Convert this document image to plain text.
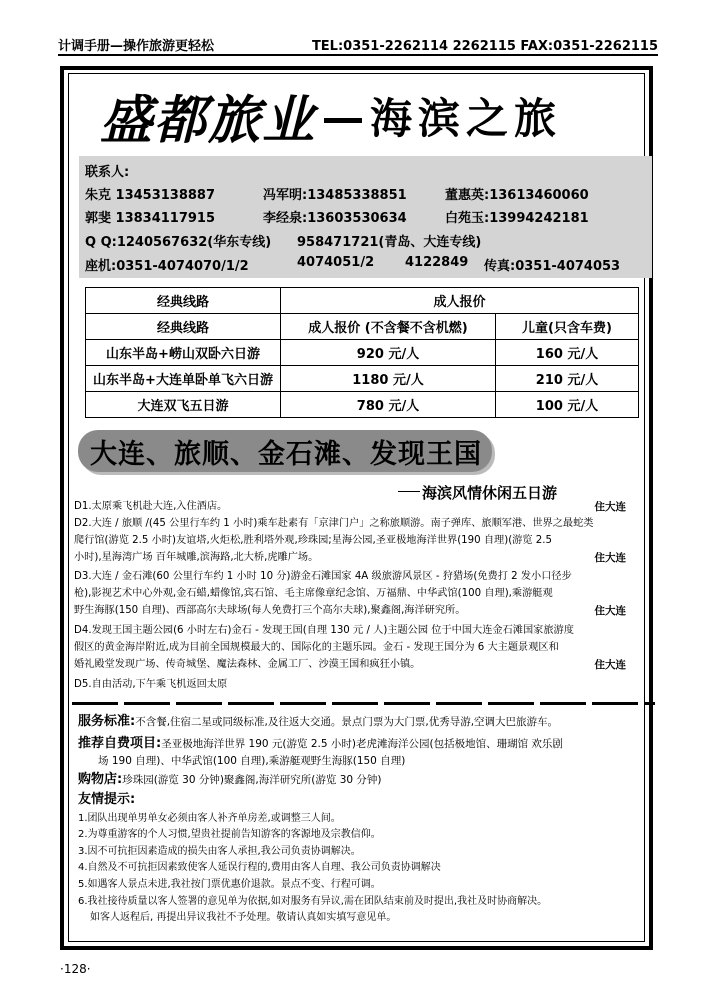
计调手册—操作旅游更轻松	TEL:0351-2262114 2262115 FAX:0351-2262115
盛都旅业 海滨之旅
联系人:
朱克 13453138887	冯军明:13485338851	董惠英:13613460060
郭斐 13834117915	李经泉:13603530634	白苑玉:13994242181
Q Q:1240567632(华东专线) 958471721(青岛、大连专线)
座机:0351-4074070/1/2	4074051/2 4122849 传真:0351-4074053
经典线路	成人报价	
经典线路	成人报价 (不含餐不含机燃)	儿童(只含车费)
山东半岛+崂山双卧六日游	920 元/人	160 元/人
山东半岛+大连单卧单飞六日游	1180 元/人	210 元/人
大连双飞五日游	780 元/人	100 元/人
大连、旅顺、金石滩、发现王国
海滨风情休闲五日游
D1.太原乘飞机赴大连,入住酒店。	住大连
D2.大连 / 旅顺 /(45 公里行车约 1 小时)乘车赴素有「京津门户」之称旅顺游。南子弹库、旅顺军港、世界之最蛇类
爬行馆(游览 2.5 小时)友谊塔,火炬松,胜利塔外观,珍珠园;星海公园,圣亚极地海洋世界(190 自理)(游览 2.5
小时),星海湾广场 百年城雕,滨海路,北大桥,虎雕广场。	住大连
D3.大连 / 金石滩(60 公里行车约 1 小时 10 分)游金石滩国家 4A 级旅游风景区 - 狩猎场(免费打 2 发小口径步
枪),影视艺术中心外观,金石蜡,蜡像馆,宾石馆、毛主席像章纪念馆、万福鼎、中华武馆(100 自理),乘游艇观
野生海豚(150 自理)、西部高尔夫球场(每人免费打三个高尔夫球),聚鑫阁,海洋研究所。	住大连
D4.发现王国主题公园(6 小时左右)金石 - 发现王国(自理 130 元 / 人)主题公园 位于中国大连金石滩国家旅游度
假区的黄金海岸附近,成为目前全国规模最大的、国际化的主题乐园。金石 - 发现王国分为 6 大主题景观区和
婚礼殿堂发现广场、传奇城堡、魔法森林、金属工厂、沙漠王国和疯狂小镇。	住大连
D5.自由活动,下午乘飞机返回太原
服务标准:不含餐,住宿二星或同级标准,及往返大交通。景点门票为大门票,优秀导游,空调大巴旅游车。
推荐自费项目:圣亚极地海洋世界 190 元(游览 2.5 小时)老虎滩海洋公园(包括极地馆、珊瑚馆 欢乐剧
场 190 自理)、中华武馆(100 自理),乘游艇观野生海豚(150 自理)
购物店:珍珠园(游览 30 分钟)聚鑫阁,海洋研究所(游览 30 分钟)
友情提示:
1.团队出现单男单女必须由客人补齐单房差,或调整三人间。
2.为尊重游客的个人习惯,望贵社提前告知游客的客源地及宗教信仰。
3.因不可抗拒因素造成的损失由客人承担,我公司负责协调解决。
4.自然及不可抗拒因素致使客人延误行程的,费用由客人自理、我公司负责协调解决
5.如遇客人景点未进,我社按门票优惠价退款。景点不变、行程可调。
6.我社接待质量以客人签署的意见单为依据,如对服务有异议,需在团队结束前及时提出,我社及时协商解决。
如客人返程后, 再提出异议我社不予处理。敬请认真如实填写意见单。
·128·
